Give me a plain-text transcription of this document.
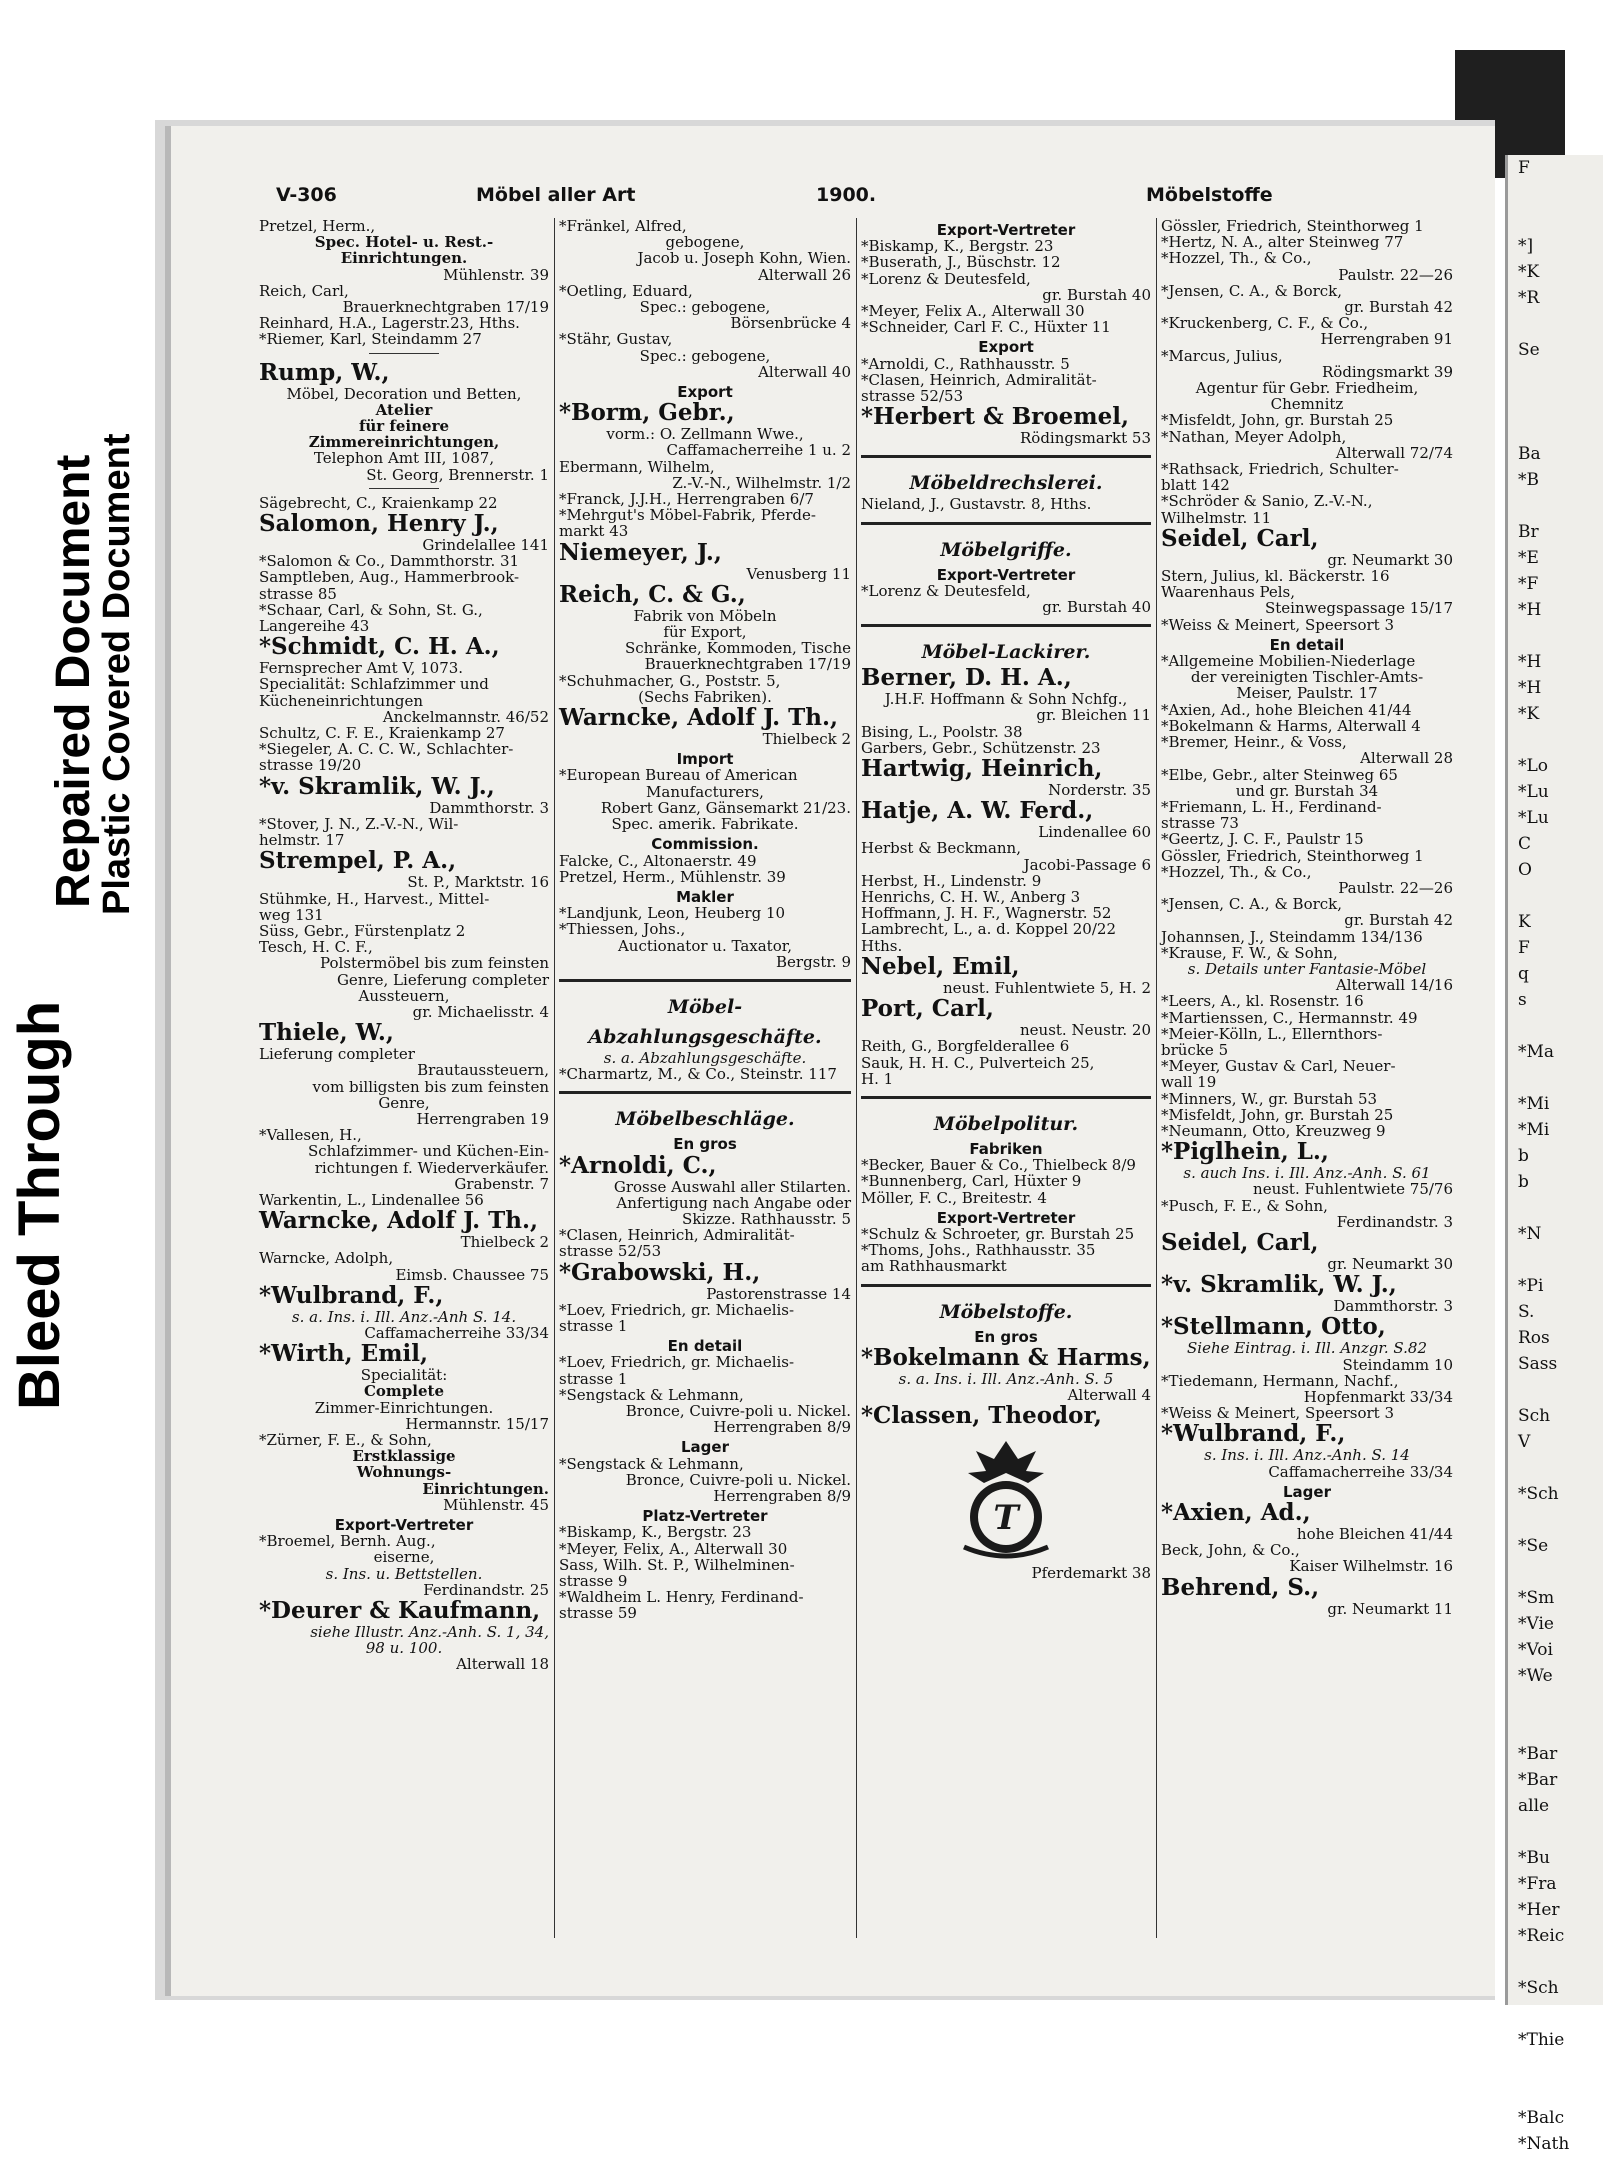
Bleed Through
Repaired Document
Plastic Covered Document
V-306	Möbel aller Art	1900.	Möbelstoffe
Pretzel, Herm.,
Spec. Hotel- u. Rest.-
Einrichtungen.
Mühlenstr. 39
Reich, Carl,
Brauerknechtgraben 17/19
Reinhard, H.A., Lagerstr.23, Hths.
*Riemer, Karl, Steindamm 27
Rump, W.,
Möbel, Decoration und Betten,
Atelier
für feinere
Zimmereinrichtungen,
Telephon Amt III, 1087,
St. Georg, Brennerstr. 1
Sägebrecht, C., Kraienkamp 22
Salomon, Henry J.,
Grindelallee 141
*Salomon & Co., Dammthorstr. 31
Samptleben, Aug., Hammerbrook-
strasse 85
*Schaar, Carl, & Sohn, St. G.,
Langereihe 43
*Schmidt, C. H. A.,
Fernsprecher Amt V, 1073.
Specialität: Schlafzimmer und
Kücheneinrichtungen
Anckelmannstr. 46/52
Schultz, C. F. E., Kraienkamp 27
*Siegeler, A. C. C. W., Schlachter-
strasse 19/20
*v. Skramlik, W. J.,
Dammthorstr. 3
*Stover, J. N., Z.-V.-N., Wil-
helmstr. 17
Strempel, P. A.,
St. P., Marktstr. 16
Stühmke, H., Harvest., Mittel-
weg 131
Süss, Gebr., Fürstenplatz 2
Tesch, H. C. F.,
Polstermöbel bis zum feinsten
Genre, Lieferung completer
Aussteuern,
gr. Michaelisstr. 4
Thiele, W.,
Lieferung completer
Brautaussteuern,
vom billigsten bis zum feinsten
Genre,
Herrengraben 19
*Vallesen, H.,
Schlafzimmer- und Küchen-Ein-
richtungen f. Wiederverkäufer.
Grabenstr. 7
Warkentin, L., Lindenallee 56
Warncke, Adolf J. Th.,
Thielbeck 2
Warncke, Adolph,
Eimsb. Chaussee 75
*Wulbrand, F.,
s. a. Ins. i. Ill. Anz.-Anh S. 14.
Caffamacherreihe 33/34
*Wirth, Emil,
Specialität:
Complete
Zimmer-Einrichtungen.
Hermannstr. 15/17
*Zürner, F. E., & Sohn,
Erstklassige
Wohnungs-
Einrichtungen.
Mühlenstr. 45
Export-Vertreter
*Broemel, Bernh. Aug.,
eiserne,
s. Ins. u. Bettstellen.
Ferdinandstr. 25
*Deurer & Kaufmann,
siehe Illustr. Anz.-Anh. S. 1, 34,
98 u. 100.
Alterwall 18
*Fränkel, Alfred,
gebogene,
Jacob u. Joseph Kohn, Wien.
Alterwall 26
*Oetling, Eduard,
Spec.: gebogene,
Börsenbrücke 4
*Stähr, Gustav,
Spec.: gebogene,
Alterwall 40
Export
*Borm, Gebr.,
vorm.: O. Zellmann Wwe.,
Caffamacherreihe 1 u. 2
Ebermann, Wilhelm,
Z.-V.-N., Wilhelmstr. 1/2
*Franck, J.J.H., Herrengraben 6/7
*Mehrgut's Möbel-Fabrik, Pferde-
markt 43
Niemeyer, J.,
Venusberg 11
Reich, C. & G.,
Fabrik von Möbeln
für Export,
Schränke, Kommoden, Tische
Brauerknechtgraben 17/19
*Schuhmacher, G., Poststr. 5,
(Sechs Fabriken).
Warncke, Adolf J. Th.,
Thielbeck 2
Import
*European Bureau of American
Manufacturers,
Robert Ganz, Gänsemarkt 21/23.
Spec. amerik. Fabrikate.
Commission.
Falcke, C., Altonaerstr. 49
Pretzel, Herm., Mühlenstr. 39
Makler
*Landjunk, Leon, Heuberg 10
*Thiessen, Johs.,
Auctionator u. Taxator,
Bergstr. 9
Möbel-
Abzahlungsgeschäfte.
s. a. Abzahlungsgeschäfte.
*Charmartz, M., & Co., Steinstr. 117
Möbelbeschläge.
En gros
*Arnoldi, C.,
Grosse Auswahl aller Stilarten.
Anfertigung nach Angabe oder
Skizze. Rathhausstr. 5
*Clasen, Heinrich, Admiralität-
strasse 52/53
*Grabowski, H.,
Pastorenstrasse 14
*Loev, Friedrich, gr. Michaelis-
strasse 1
En detail
*Loev, Friedrich, gr. Michaelis-
strasse 1
*Sengstack & Lehmann,
Bronce, Cuivre-poli u. Nickel.
Herrengraben 8/9
Lager
*Sengstack & Lehmann,
Bronce, Cuivre-poli u. Nickel.
Herrengraben 8/9
Platz-Vertreter
*Biskamp, K., Bergstr. 23
*Meyer, Felix, A., Alterwall 30
Sass, Wilh. St. P., Wilhelminen-
strasse 9
*Waldheim L. Henry, Ferdinand-
strasse 59
Export-Vertreter
*Biskamp, K., Bergstr. 23
*Buserath, J., Büschstr. 12
*Lorenz & Deutesfeld,
gr. Burstah 40
*Meyer, Felix A., Alterwall 30
*Schneider, Carl F. C., Hüxter 11
Export
*Arnoldi, C., Rathhausstr. 5
*Clasen, Heinrich, Admiralität-
strasse 52/53
*Herbert & Broemel,
Rödingsmarkt 53
Möbeldrechslerei.
Nieland, J., Gustavstr. 8, Hths.
Möbelgriffe.
Export-Vertreter
*Lorenz & Deutesfeld,
gr. Burstah 40
Möbel-Lackirer.
Berner, D. H. A.,
J.H.F. Hoffmann & Sohn Nchfg.,
gr. Bleichen 11
Bising, L., Poolstr. 38
Garbers, Gebr., Schützenstr. 23
Hartwig, Heinrich,
Norderstr. 35
Hatje, A. W. Ferd.,
Lindenallee 60
Herbst & Beckmann,
Jacobi-Passage 6
Herbst, H., Lindenstr. 9
Henrichs, C. H. W., Anberg 3
Hoffmann, J. H. F., Wagnerstr. 52
Lambrecht, L., a. d. Koppel 20/22
Hths.
Nebel, Emil,
neust. Fuhlentwiete 5, H. 2
Port, Carl,
neust. Neustr. 20
Reith, G., Borgfelderallee 6
Sauk, H. H. C., Pulverteich 25,
H. 1
Möbelpolitur.
Fabriken
*Becker, Bauer & Co., Thielbeck 8/9
*Bunnenberg, Carl, Hüxter 9
Möller, F. C., Breitestr. 4
Export-Vertreter
*Schulz & Schroeter, gr. Burstah 25
*Thoms, Johs., Rathhausstr. 35
am Rathhausmarkt
Möbelstoffe.
En gros
*Bokelmann & Harms,
s. a. Ins. i. Ill. Anz.-Anh. S. 5
Alterwall 4
*Classen, Theodor,
T
Pferdemarkt 38
Gössler, Friedrich, Steinthorweg 1
*Hertz, N. A., alter Steinweg 77
*Hozzel, Th., & Co.,
Paulstr. 22—26
*Jensen, C. A., & Borck,
gr. Burstah 42
*Kruckenberg, C. F., & Co.,
Herrengraben 91
*Marcus, Julius,
Rödingsmarkt 39
Agentur für Gebr. Friedheim,
Chemnitz
*Misfeldt, John, gr. Burstah 25
*Nathan, Meyer Adolph,
Alterwall 72/74
*Rathsack, Friedrich, Schulter-
blatt 142
*Schröder & Sanio, Z.-V.-N.,
Wilhelmstr. 11
Seidel, Carl,
gr. Neumarkt 30
Stern, Julius, kl. Bäckerstr. 16
Waarenhaus Pels,
Steinwegspassage 15/17
*Weiss & Meinert, Speersort 3
En detail
*Allgemeine Mobilien-Niederlage
der vereinigten Tischler-Amts-
Meiser, Paulstr. 17
*Axien, Ad., hohe Bleichen 41/44
*Bokelmann & Harms, Alterwall 4
*Bremer, Heinr., & Voss,
Alterwall 28
*Elbe, Gebr., alter Steinweg 65
und gr. Burstah 34
*Friemann, L. H., Ferdinand-
strasse 73
*Geertz, J. C. F., Paulstr 15
Gössler, Friedrich, Steinthorweg 1
*Hozzel, Th., & Co.,
Paulstr. 22—26
*Jensen, C. A., & Borck,
gr. Burstah 42
Johannsen, J., Steindamm 134/136
*Krause, F. W., & Sohn,
s. Details unter Fantasie-Möbel
Alterwall 14/16
*Leers, A., kl. Rosenstr. 16
*Martienssen, C., Hermannstr. 49
*Meier-Kölln, L., Ellernthors-
brücke 5
*Meyer, Gustav & Carl, Neuer-
wall 19
*Minners, W., gr. Burstah 53
*Misfeldt, John, gr. Burstah 25
*Neumann, Otto, Kreuzweg 9
*Piglhein, L.,
s. auch Ins. i. Ill. Anz.-Anh. S. 61
neust. Fuhlentwiete 75/76
*Pusch, F. E., & Sohn,
Ferdinandstr. 3
Seidel, Carl,
gr. Neumarkt 30
*v. Skramlik, W. J.,
Dammthorstr. 3
*Stellmann, Otto,
Siehe Eintrag. i. Ill. Anzgr. S.82
Steindamm 10
*Tiedemann, Hermann, Nachf.,
Hopfenmarkt 33/34
*Weiss & Meinert, Speersort 3
*Wulbrand, F.,
s. Ins. i. Ill. Anz.-Anh. S. 14
Caffamacherreihe 33/34
Lager
*Axien, Ad.,
hohe Bleichen 41/44
Beck, John, & Co.,
Kaiser Wilhelmstr. 16
Behrend, S.,
gr. Neumarkt 11
F

*]
*K
*R

Se

Ba
*B

Br
*E
*F
*H

*H
*H
*K

*Lo
*Lu
*Lu
C
O

K
F
q
s

*Ma

*Mi
*Mi
b
b

*N

*Pi
S.
Ros
Sass

Sch
V

*Sch

*Se

*Sm
*Vie
*Voi
*We

*Bar
*Bar
alle

*Bu
*Fra
*Her
*Reic

*Sch

*Thie

*Balc
*Nath
